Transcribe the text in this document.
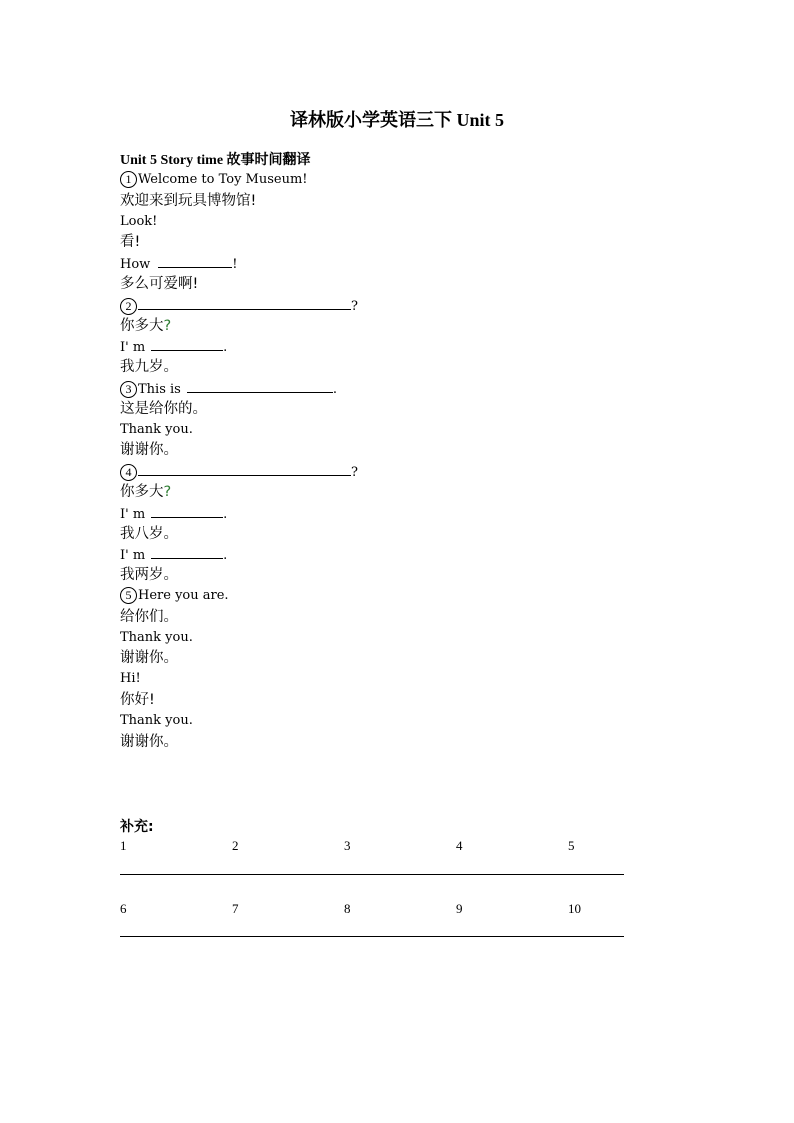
译林版小学英语三下 Unit 5
Unit 5 Story time 故事时间翻译
1 Welcome to Toy Museum!
欢迎来到玩具博物馆!
Look!
看!
How	!
多么可爱啊!
2	?
你多大?
I' m	.
我九岁。
3 This is	.
这是给你的。
Thank you.
谢谢你。
4	?
你多大?
I' m	.
我八岁。
I' m	.
我两岁。
5 Here you are.
给你们。
Thank you.
谢谢你。
Hi!
你好!
Thank you.
谢谢你。
补充:
1	2	3	4	5
6	7	8	9	10
